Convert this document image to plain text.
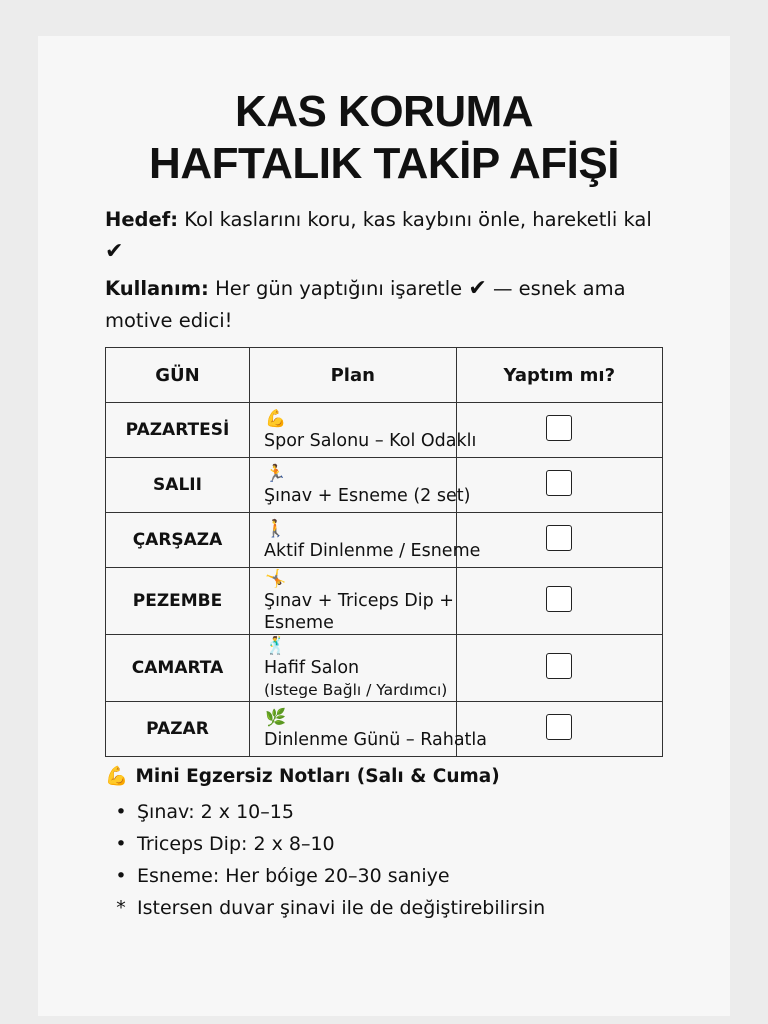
KAS KORUMA
HAFTALIK TAKİP AFİŞİ

Hedef: Kol kaslarını koru, kas kaybını önle, hareketli kal
✔

Kullanım: Her gün yaptığını işaretle ✔ — esnek ama motive edici!

GÜN	Plan	Yaptım mı?
PAZARTESİ	💪Spor Salonu – Kol Odaklı	
SALII	🏃Şınav + Esneme (2 set)	
ÇARŞAZA	🚶Aktif Dinlenme / Esneme	
PEZEMBE	🤸Şınav + Triceps Dip + Esneme	
CAMARTA	🕺Hafif Salon
(Istege Bağlı / Yardımcı)	
PAZAR	🌿Dinlenme Günü – Rahatla	
💪 Mini Egzersiz Notları (Salı & Cuma)
• Şınav: 2 x 10–15
• Triceps Dip: 2 x 8–10
• Esneme: Her bóige 20–30 saniye
* Istersen duvar şinavi ile de değiştirebilirsin
